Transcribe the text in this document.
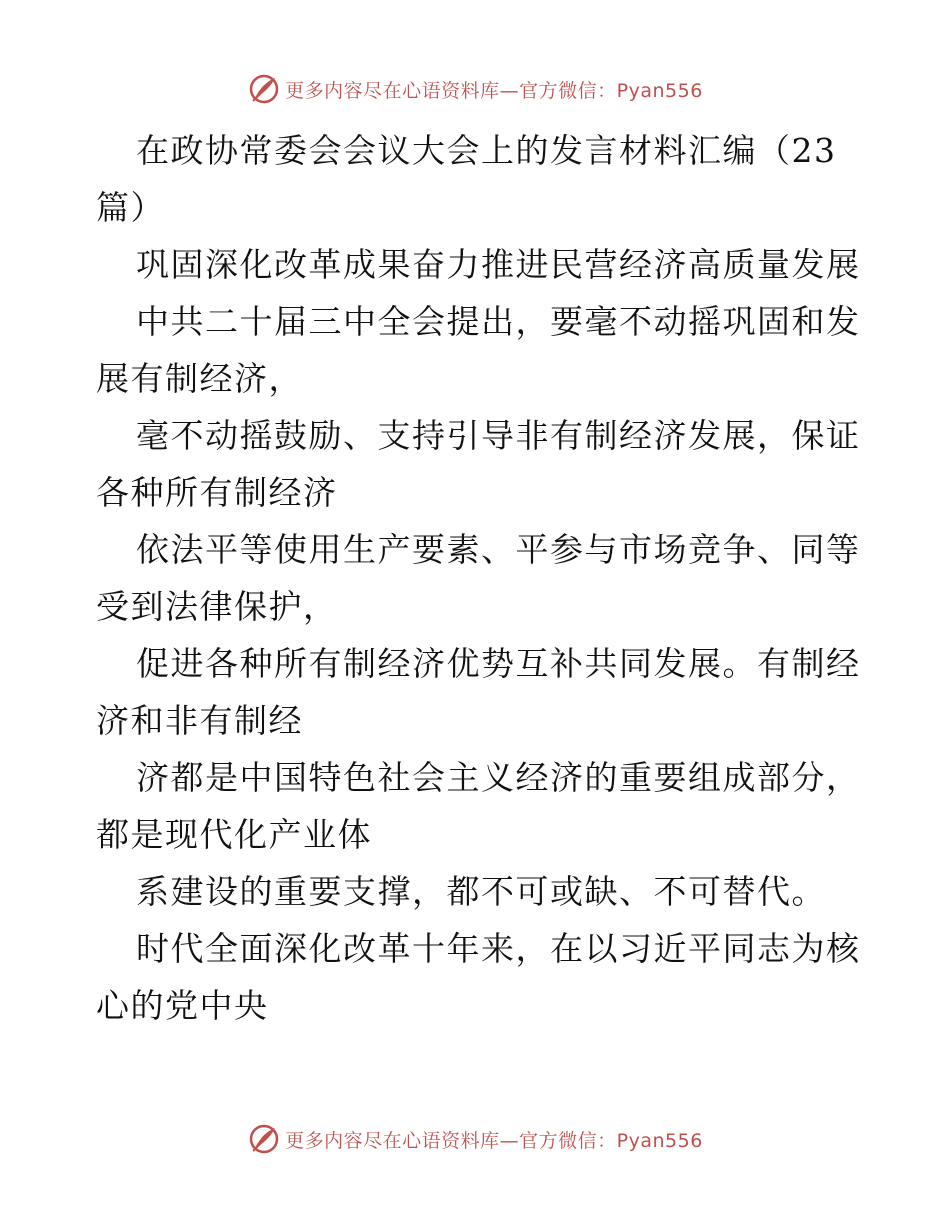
更多内容尽在心语资料库—官方微信：Pyan556

在政协常委会会议大会上的发言材料汇编（23
篇）

巩固深化改革成果奋力推进民营经济高质量发展

中共二十届三中全会提出，要毫不动摇巩固和发
展有制经济，

毫不动摇鼓励、支持引导非有制经济发展，保证
各种所有制经济

依法平等使用生产要素、平参与市场竞争、同等
受到法律保护，

促进各种所有制经济优势互补共同发展。有制经
济和非有制经

济都是中国特色社会主义经济的重要组成部分，
都是现代化产业体

系建设的重要支撑，都不可或缺、不可替代。

时代全面深化改革十年来，在以习近平同志为核
心的党中央

更多内容尽在心语资料库—官方微信：Pyan556
